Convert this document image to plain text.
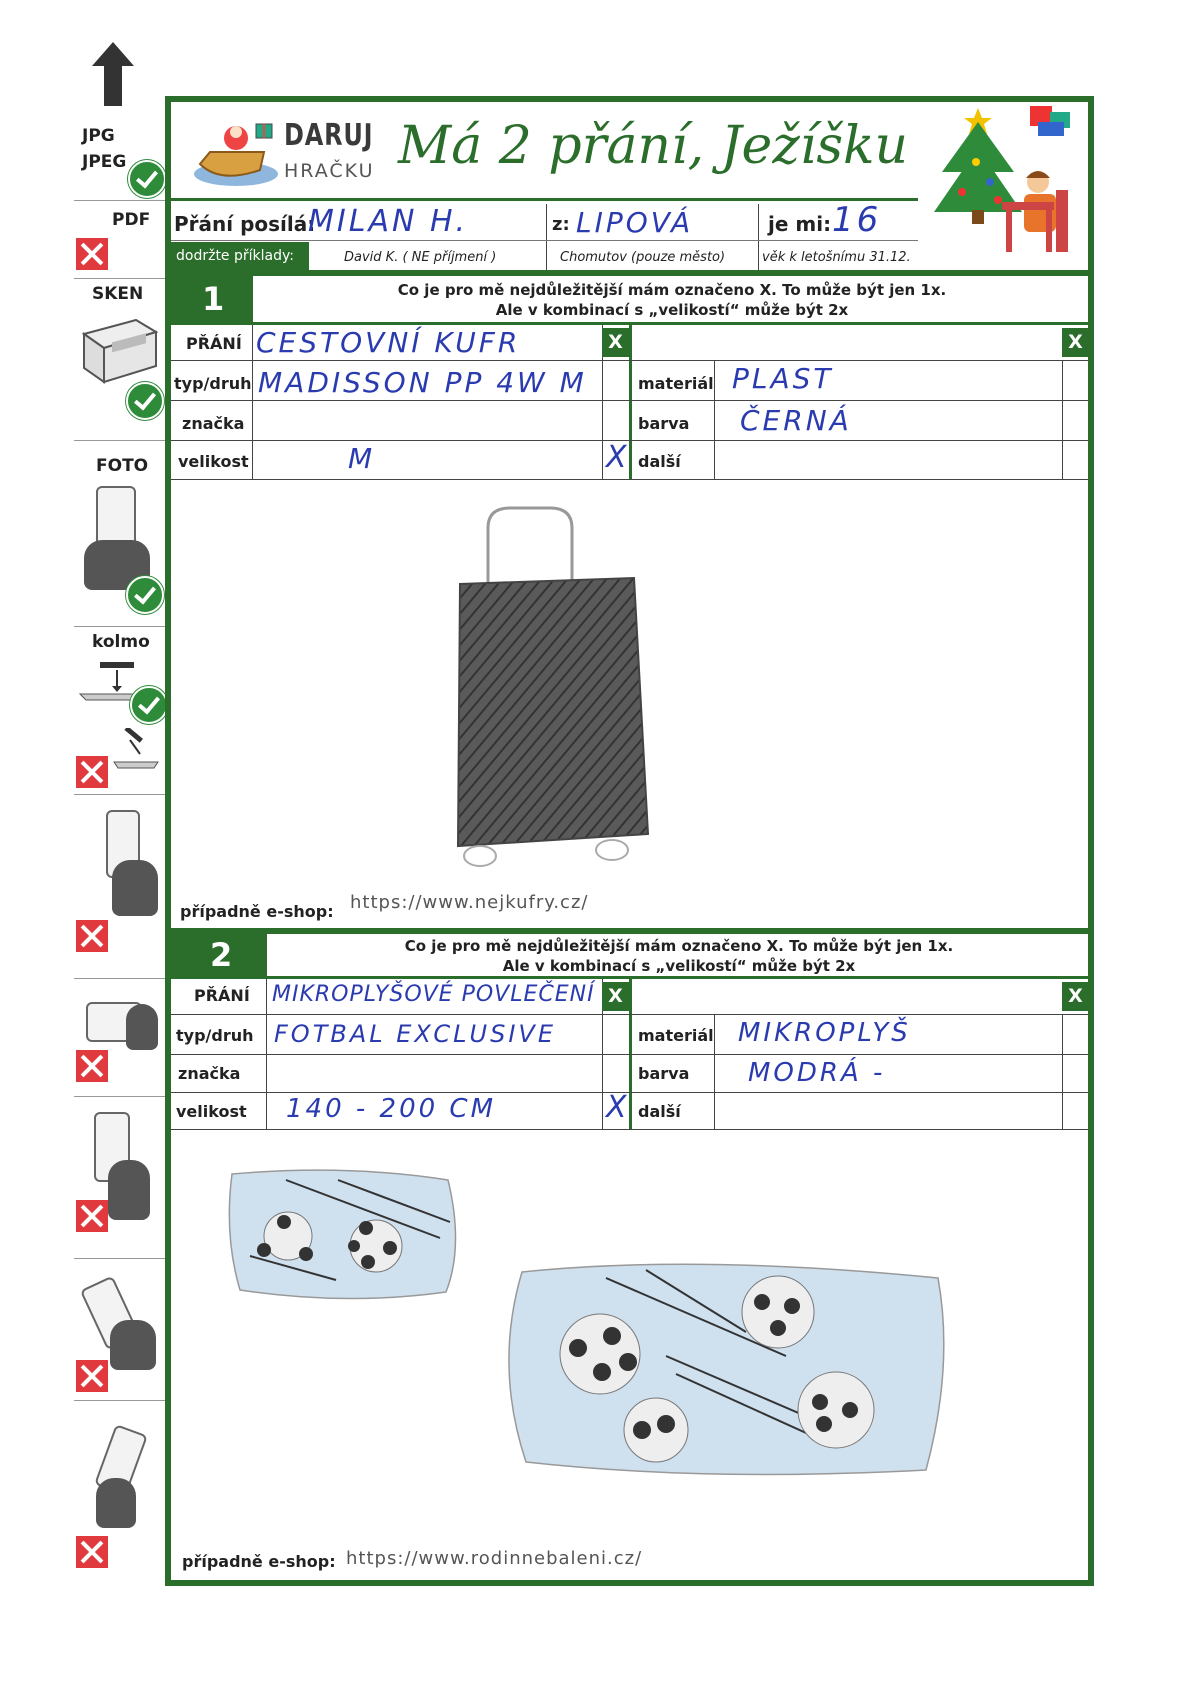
JPG
JPEG
PDF
SKEN
FOTO
kolmo
DARUJ
HRAČKU Má 2 přání, Ježíšku
Přání posílá:
MILAN H.	z: LIPOVÁ	je mi: 16
dodržte příklady:	David K. ( NE příjmení )	Chomutov (pouze město)	věk k letošnímu 31.12.
1	Co je pro mě nejdůležitější mám označeno X. To může být jen 1x.
Ale v kombinací s „velikostí“ může být 2x
PŘÁNÍ CESTOVNÍ KUFR	X	X
typ/druh MADISSON PP 4W M	materiál PLAST
značka	barva ČERNÁ
velikost	M	X další
případně e-shop: https://www.nejkufry.cz/
2	Co je pro mě nejdůležitější mám označeno X. To může být jen 1x.
Ale v kombinací s „velikostí“ může být 2x
PŘÁNÍ MIKROPLYŠOVÉ POVLEČENÍ X	X
typ/druh FOTBAL EXCLUSIVE	materiál MIKROPLYŠ
značka	barva MODRÁ -
velikost 140 - 200 CM	X další
případně e-shop: https://www.rodinnebaleni.cz/
